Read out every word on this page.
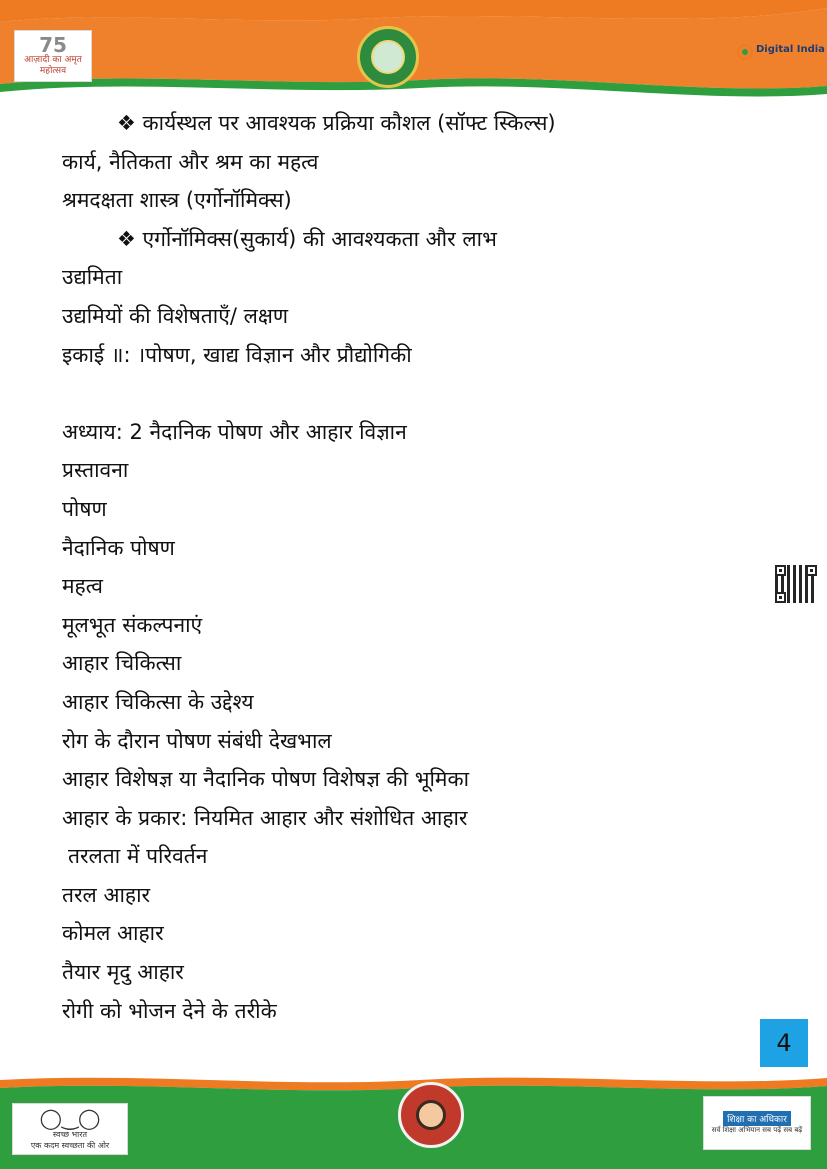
75
आज़ादी का अमृत महोत्सव
Digital India
❖ कार्यस्थल पर आवश्यक प्रक्रिया कौशल (सॉफ्ट स्किल्स)
कार्य, नैतिकता और श्रम का महत्व
श्रमदक्षता शास्त्र (एर्गोनॉमिक्स)
❖ एर्गोनॉमिक्स(सुकार्य) की आवश्यकता और लाभ
उद्यमिता
उद्यमियों की विशेषताएँ/ लक्षण
इकाई ॥: ।पोषण, खाद्य विज्ञान और प्रौद्योगिकी
अध्याय: 2 नैदानिक पोषण और आहार विज्ञान
प्रस्तावना
पोषण
नैदानिक पोषण
महत्व
मूलभूत संकल्पनाएं
आहार चिकित्सा
आहार चिकित्सा के उद्देश्य
रोग के दौरान पोषण संबंधी देखभाल
आहार विशेषज्ञ या नैदानिक पोषण विशेषज्ञ की भूमिका
आहार के प्रकार: नियमित आहार और संशोधित आहार
तरलता में परिवर्तन
तरल आहार
कोमल आहार
तैयार मृदु आहार
रोगी को भोजन देने के तरीके
4
◯‿◯
स्वच्छ भारत
एक कदम स्वच्छता की ओर
शिक्षा का अधिकार
सर्व शिक्षा अभियान सब पढ़ें सब बढ़ें
